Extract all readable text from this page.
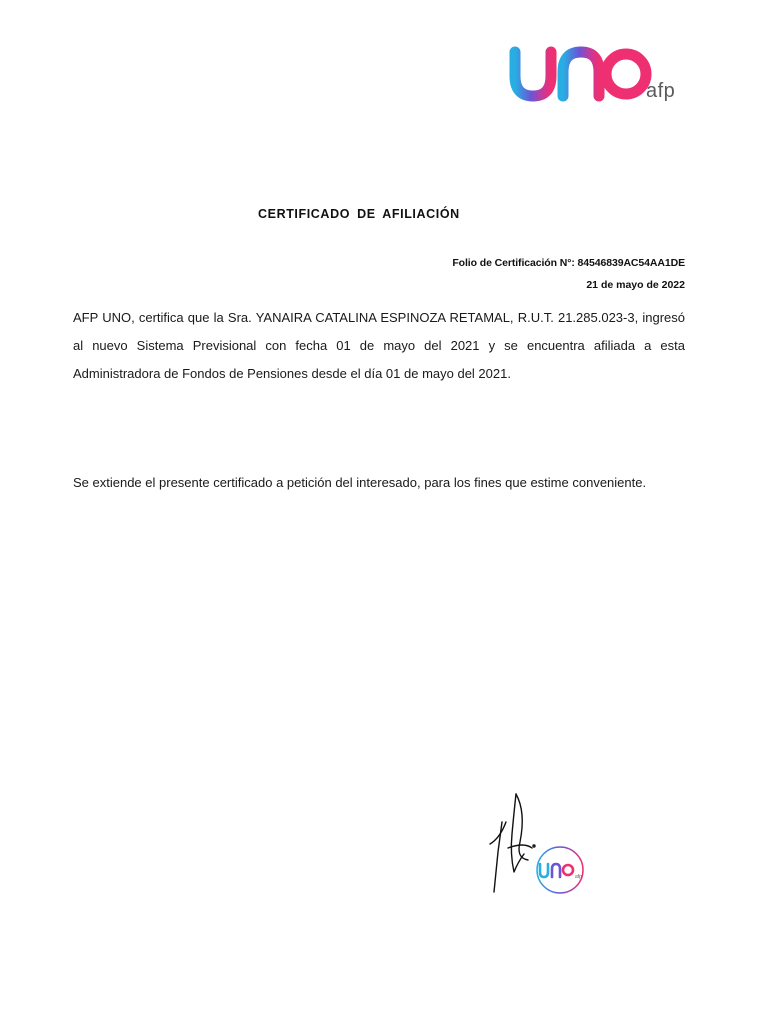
afp
CERTIFICADO DE AFILIACIÓN
Folio de Certificación N°: 84546839AC54AA1DE
21 de mayo de 2022

AFP UNO, certifica que la Sra. YANAIRA CATALINA ESPINOZA RETAMAL, R.U.T. 21.285.023-3, ingresó al nuevo Sistema Previsional con fecha 01 de mayo del 2021 y se encuentra afiliada a esta Administradora de Fondos de Pensiones desde el día 01 de mayo del 2021.

Se extiende el presente certificado a petición del interesado, para los fines que estime conveniente.

afp
